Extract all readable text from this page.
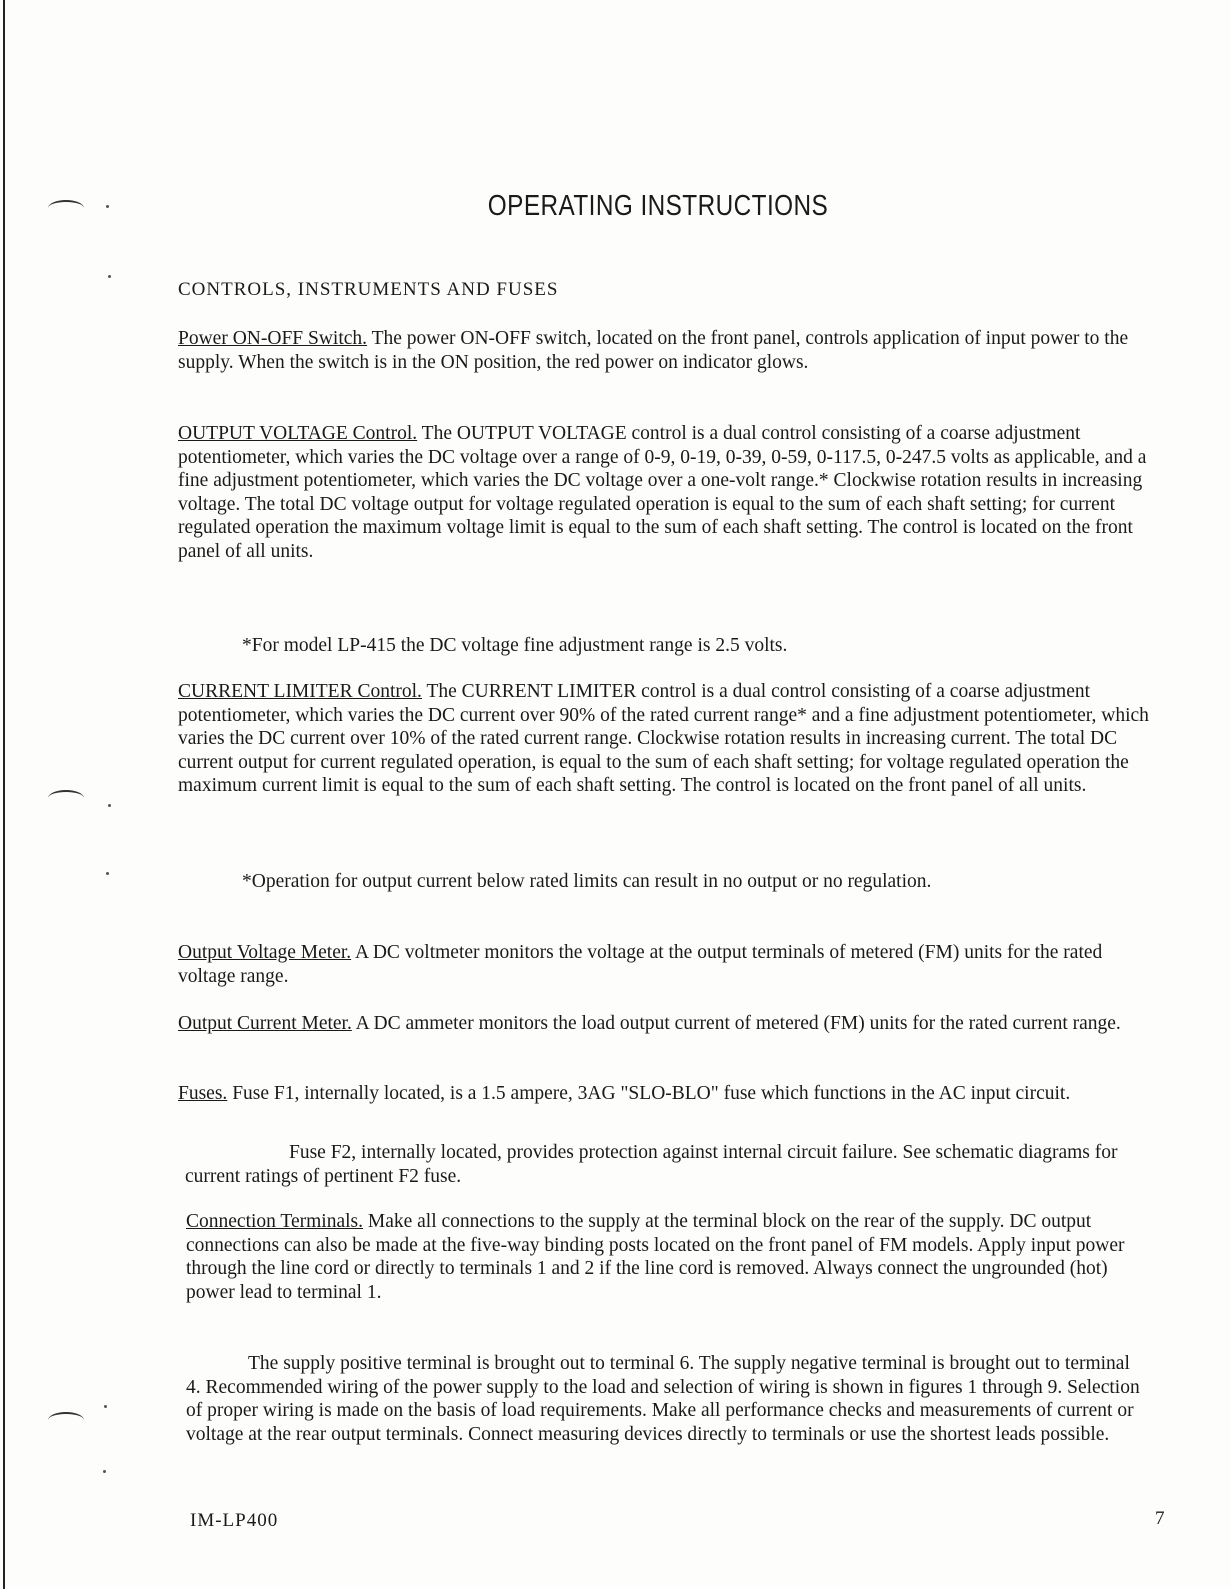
OPERATING INSTRUCTIONS
CONTROLS, INSTRUMENTS AND FUSES
Power ON-OFF Switch. The power ON-OFF switch, located on the front panel, controls application of input power to the supply. When the switch is in the ON position, the red power on indicator glows.
OUTPUT VOLTAGE Control. The OUTPUT VOLTAGE control is a dual control consisting of a coarse adjustment potentiometer, which varies the DC voltage over a range of 0-9, 0-19, 0-39, 0-59, 0-117.5, 0-247.5 volts as applicable, and a fine adjustment potentiometer, which varies the DC voltage over a one-volt range.* Clockwise rotation results in increasing voltage. The total DC voltage output for voltage regulated operation is equal to the sum of each shaft setting; for current regulated operation the maximum voltage limit is equal to the sum of each shaft setting. The control is located on the front panel of all units.
*For model LP-415 the DC voltage fine adjustment range is 2.5 volts.
CURRENT LIMITER Control. The CURRENT LIMITER control is a dual control consisting of a coarse adjustment potentiometer, which varies the DC current over 90% of the rated current range* and a fine adjustment potentiometer, which varies the DC current over 10% of the rated current range. Clockwise rotation results in increasing current. The total DC current output for current regulated operation, is equal to the sum of each shaft setting; for voltage regulated operation the maximum current limit is equal to the sum of each shaft setting. The control is located on the front panel of all units.
*Operation for output current below rated limits can result in no output or no regulation.
Output Voltage Meter. A DC voltmeter monitors the voltage at the output terminals of metered (FM) units for the rated voltage range.
Output Current Meter. A DC ammeter monitors the load output current of metered (FM) units for the rated current range.
Fuses. Fuse F1, internally located, is a 1.5 ampere, 3AG "SLO-BLO" fuse which functions in the AC input circuit.
Fuse F2, internally located, provides protection against internal circuit failure. See schematic diagrams for current ratings of pertinent F2 fuse.
Connection Terminals. Make all connections to the supply at the terminal block on the rear of the supply. DC output connections can also be made at the five-way binding posts located on the front panel of FM models. Apply input power through the line cord or directly to terminals 1 and 2 if the line cord is removed. Always connect the ungrounded (hot) power lead to terminal 1.
The supply positive terminal is brought out to terminal 6. The supply negative terminal is brought out to terminal 4. Recommended wiring of the power supply to the load and selection of wiring is shown in figures 1 through 9. Selection of proper wiring is made on the basis of load requirements. Make all performance checks and measurements of current or voltage at the rear output terminals. Connect measuring devices directly to terminals or use the shortest leads possible.
IM-LP400	7
